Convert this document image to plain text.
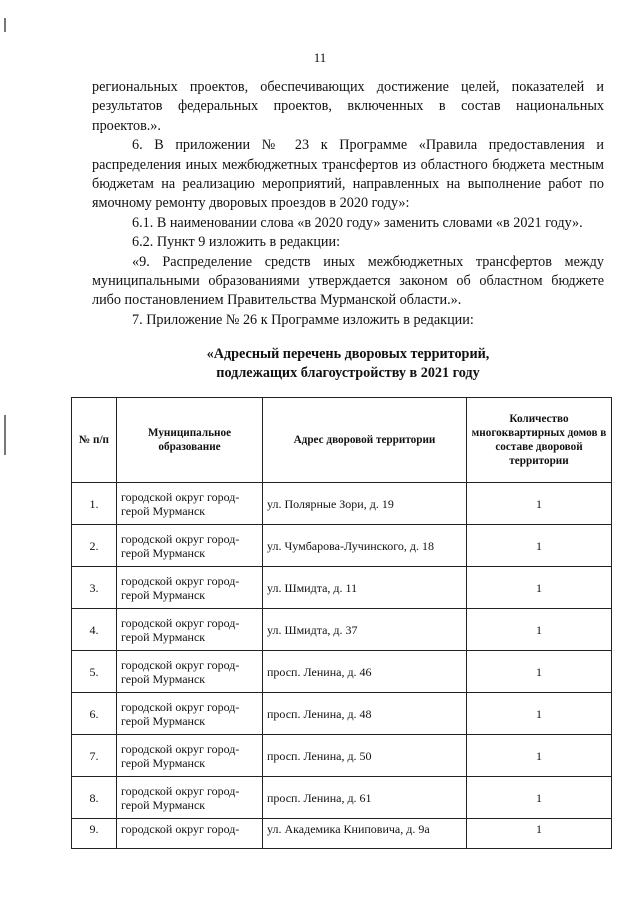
11

региональных проектов, обеспечивающих достижение целей, показателей и результатов федеральных проектов, включенных в состав национальных проектов.».

6. В приложении № 23 к Программе «Правила предоставления и распределения иных межбюджетных трансфертов из областного бюджета местным бюджетам на реализацию мероприятий, направленных на выполнение работ по ямочному ремонту дворовых проездов в 2020 году»:

6.1. В наименовании слова «в 2020 году» заменить словами «в 2021 году».

6.2. Пункт 9 изложить в редакции:

«9. Распределение средств иных межбюджетных трансфертов между муниципальными образованиями утверждается законом об областном бюджете либо постановлением Правительства Мурманской области.».

7. Приложение № 26 к Программе изложить в редакции:

«Адресный перечень дворовых территорий,
подлежащих благоустройству в 2021 году
№ п/п	Муниципальное образование	Адрес дворовой территории	Количество многоквартирных домов в составе дворовой территории
1.	городской округ город-герой Мурманск	ул. Полярные Зори, д. 19	1
2.	городской округ город-герой Мурманск	ул. Чумбарова-Лучинского, д. 18	1
3.	городской округ город-герой Мурманск	ул. Шмидта, д. 11	1
4.	городской округ город-герой Мурманск	ул. Шмидта, д. 37	1
5.	городской округ город-герой Мурманск	просп. Ленина, д. 46	1
6.	городской округ город-герой Мурманск	просп. Ленина, д. 48	1
7.	городской округ город-герой Мурманск	просп. Ленина, д. 50	1
8.	городской округ город-герой Мурманск	просп. Ленина, д. 61	1
9.	городской округ город-	ул. Академика Книповича, д. 9а	1
